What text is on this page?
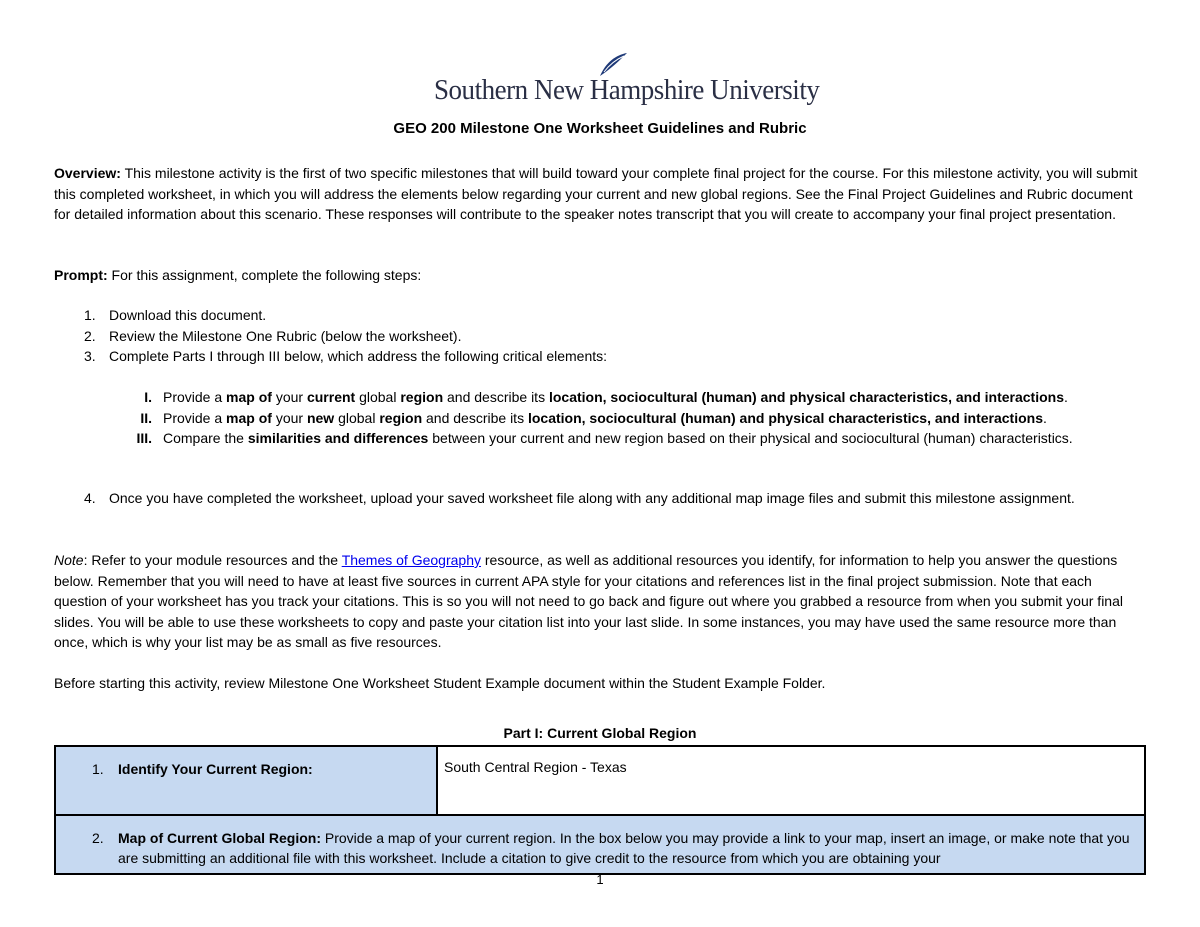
Southern New Hampshire University
GEO 200 Milestone One Worksheet Guidelines and Rubric
Overview: This milestone activity is the first of two specific milestones that will build toward your complete final project for the course. For this milestone activity, you will submit this completed worksheet, in which you will address the elements below regarding your current and new global regions. See the Final Project Guidelines and Rubric document for detailed information about this scenario. These responses will contribute to the speaker notes transcript that you will create to accompany your final project presentation.
Prompt: For this assignment, complete the following steps:
1. Download this document.
2. Review the Milestone One Rubric (below the worksheet).
3. Complete Parts I through III below, which address the following critical elements:
I. Provide a map of your current global region and describe its location, sociocultural (human) and physical characteristics, and interactions.
II. Provide a map of your new global region and describe its location, sociocultural (human) and physical characteristics, and interactions.
III. Compare the similarities and differences between your current and new region based on their physical and sociocultural (human) characteristics.
4. Once you have completed the worksheet, upload your saved worksheet file along with any additional map image files and submit this milestone assignment.
Note: Refer to your module resources and the Themes of Geography resource, as well as additional resources you identify, for information to help you answer the questions below. Remember that you will need to have at least five sources in current APA style for your citations and references list in the final project submission. Note that each question of your worksheet has you track your citations. This is so you will not need to go back and figure out where you grabbed a resource from when you submit your final slides. You will be able to use these worksheets to copy and paste your citation list into your last slide. In some instances, you may have used the same resource more than once, which is why your list may be as small as five resources.
Before starting this activity, review Milestone One Worksheet Student Example document within the Student Example Folder.
Part I: Current Global Region
1. Identify Your Current Region:	South Central Region - Texas

2. Map of Current Global Region: Provide a map of your current region. In the box below you may provide a link to your map, insert an image, or make note that you are submitting an additional file with this worksheet. Include a citation to give credit to the resource from which you are obtaining your
1
